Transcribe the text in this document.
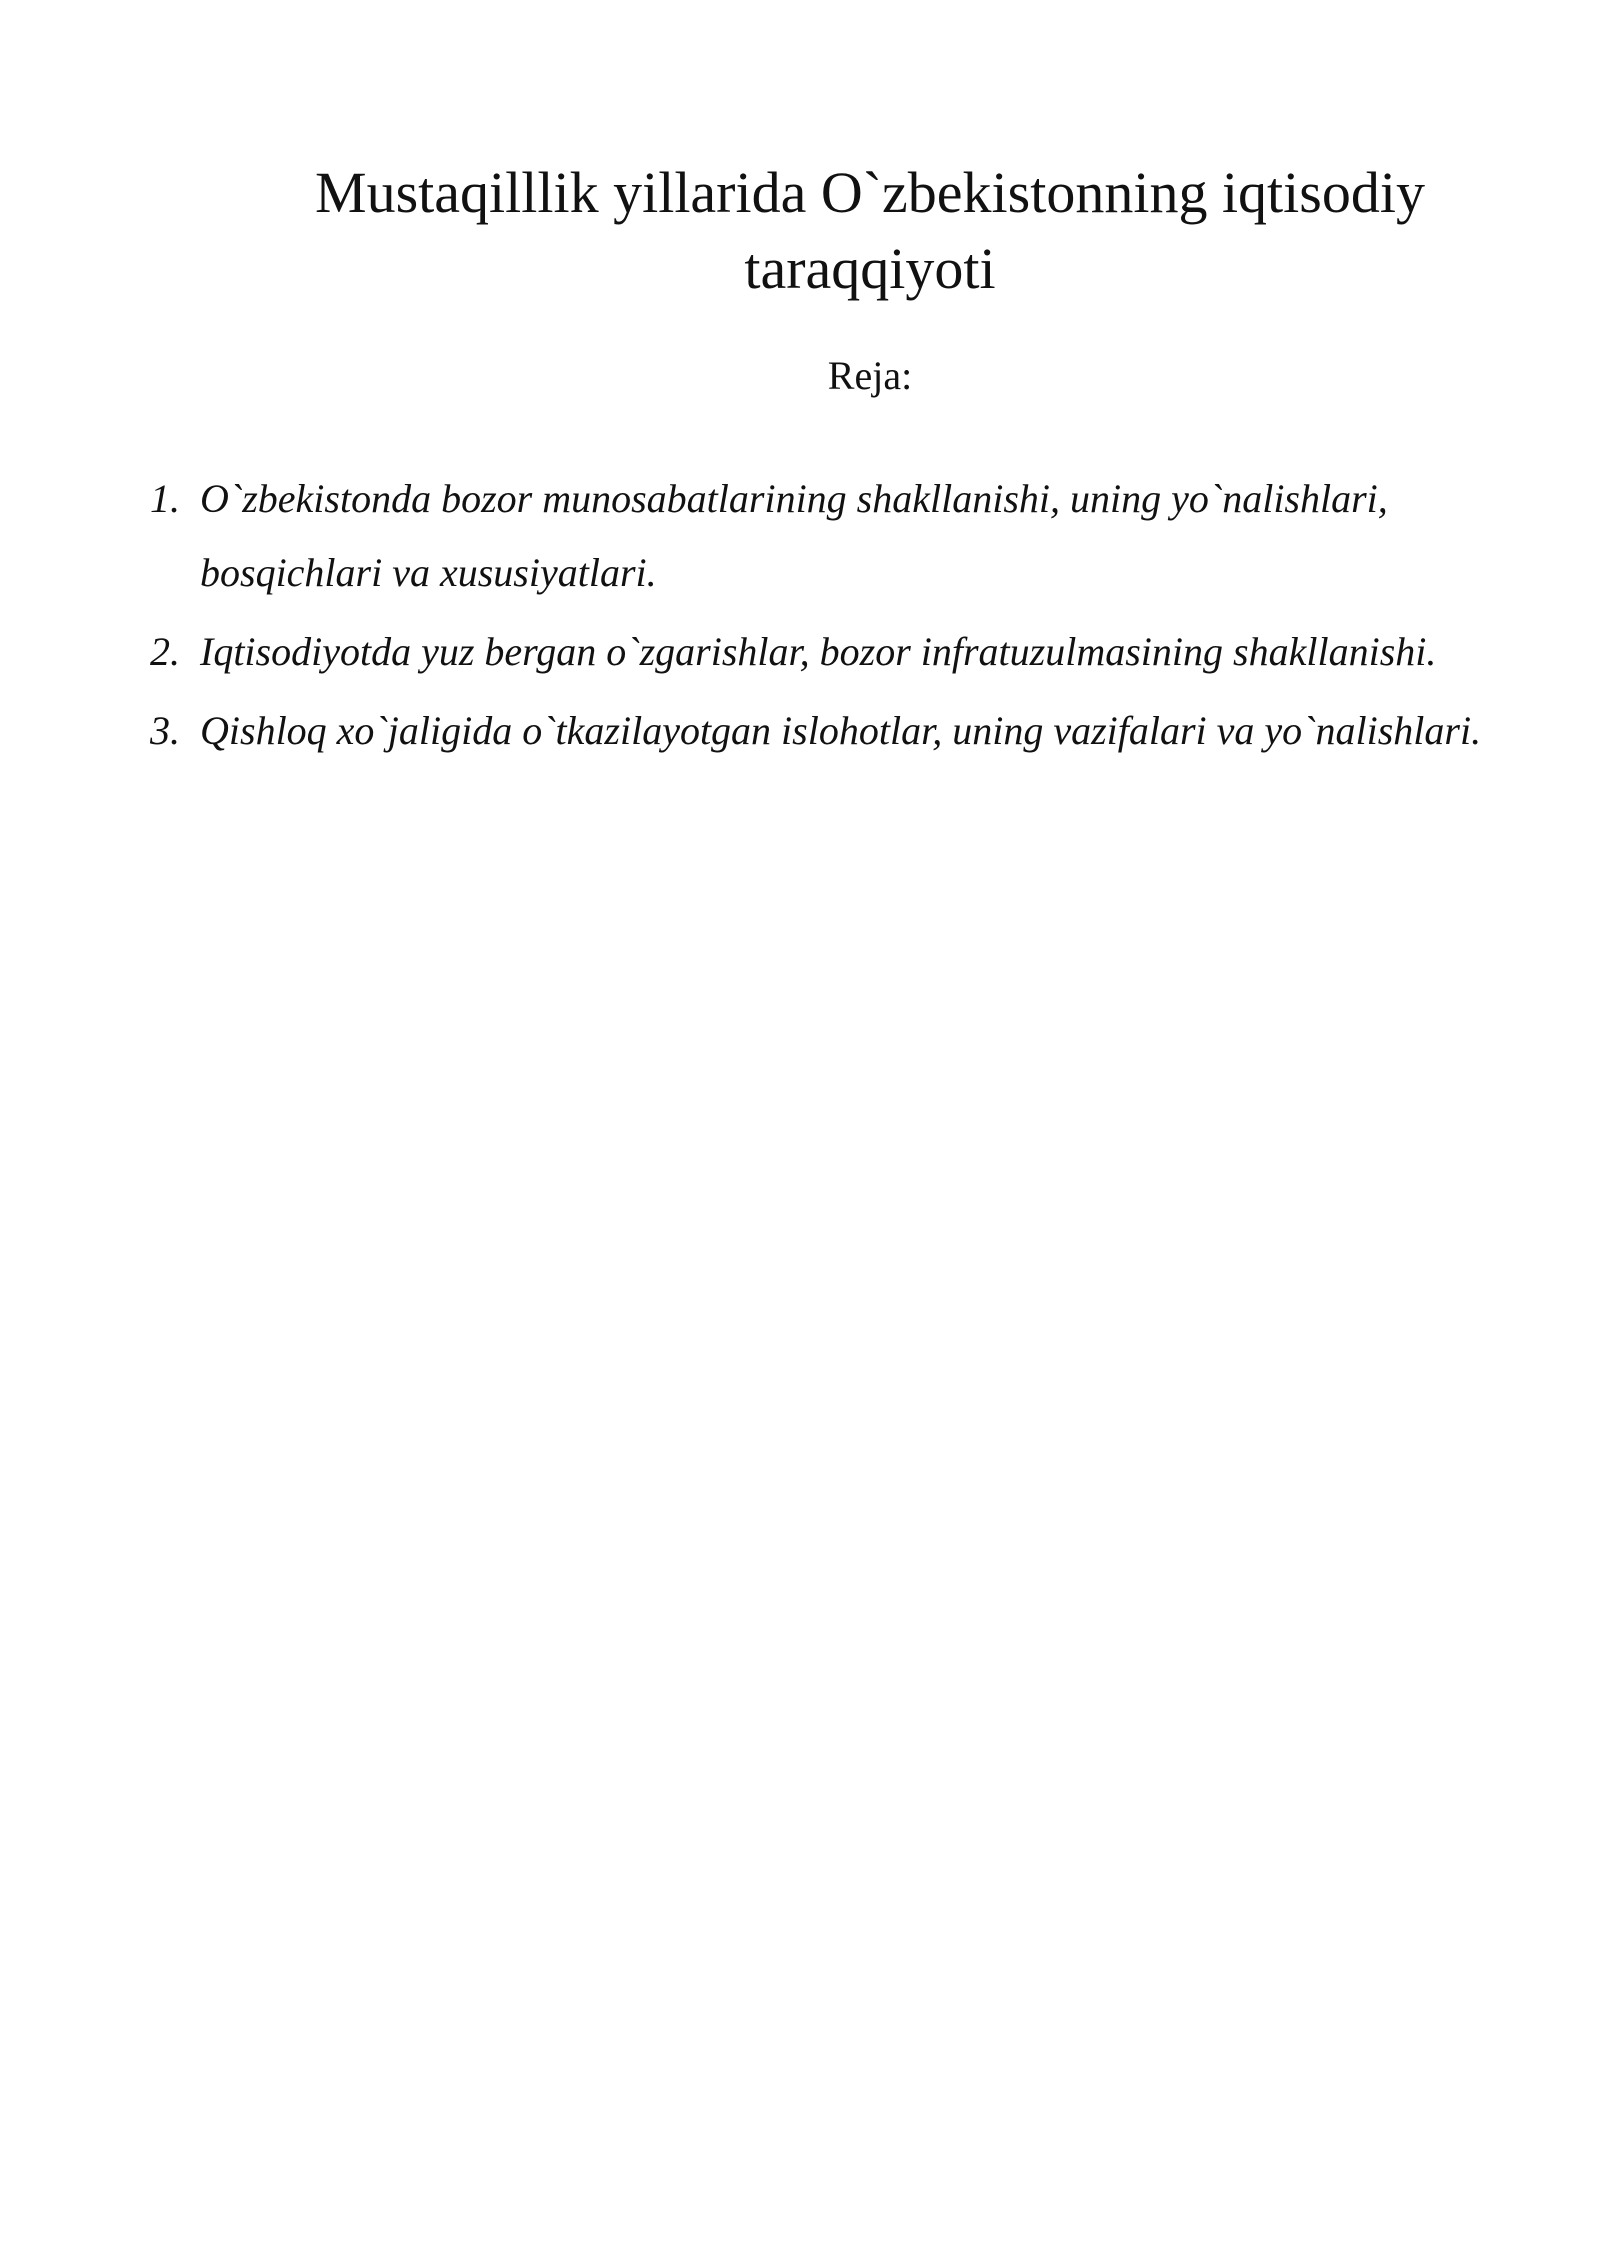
Mustaqilllik yillarida O`zbekistonning iqtisodiy
taraqqiyoti
Reja:
1. O`zbekistonda bozor munosabatlarining shakllanishi, uning yo`nalishlari, bosqichlari va xususiyatlari.
2. Iqtisodiyotda yuz bergan o`zgarishlar, bozor infratuzulmasining shakllanishi.
3. Qishloq xo`jaligida o`tkazilayotgan islohotlar, uning vazifalari va yo`nalishlari.
